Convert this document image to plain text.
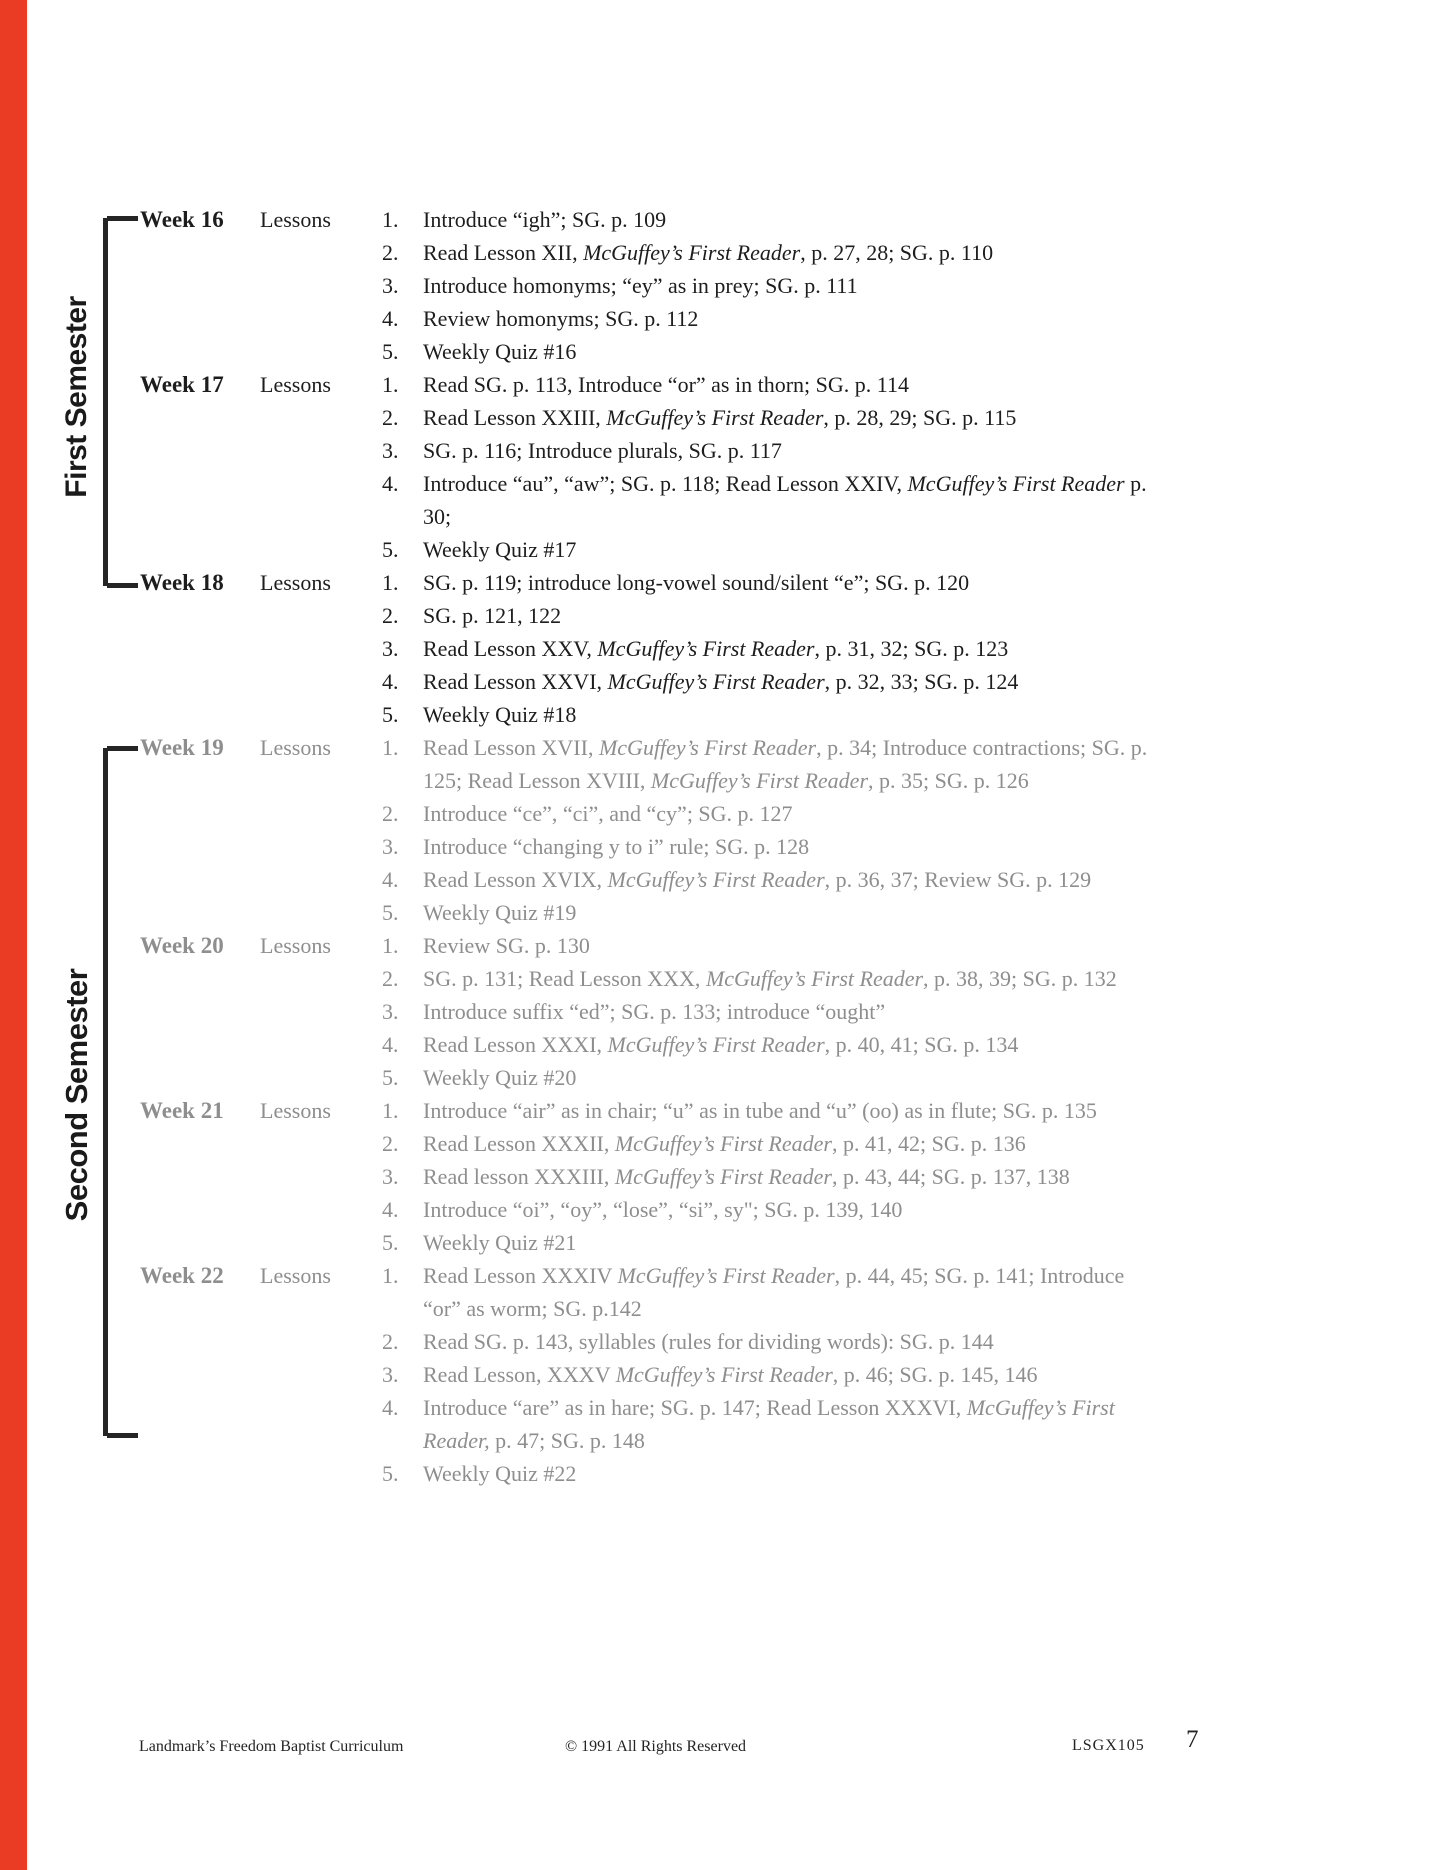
First Semester
Second Semester
Week 16	Lessons	1.	Introduce “igh”; SG. p. 109
2.	Read Lesson XII, McGuffey’s First Reader, p. 27, 28; SG. p. 110
3.	Introduce homonyms; “ey” as in prey; SG. p. 111
4.	Review homonyms; SG. p. 112
5.	Weekly Quiz #16
Week 17	Lessons	1.	Read SG. p. 113, Introduce “or” as in thorn; SG. p. 114
2.	Read Lesson XXIII, McGuffey’s First Reader, p. 28, 29; SG. p. 115
3.	SG. p. 116; Introduce plurals, SG. p. 117
4.	Introduce “au”, “aw”; SG. p. 118; Read Lesson XXIV, McGuffey’s First Reader p. 30;
5.	Weekly Quiz #17
Week 18	Lessons	1.	SG. p. 119; introduce long-vowel sound/silent “e”; SG. p. 120
2.	SG. p. 121, 122
3.	Read Lesson XXV, McGuffey’s First Reader, p. 31, 32; SG. p. 123
4.	Read Lesson XXVI, McGuffey’s First Reader, p. 32, 33; SG. p. 124
5.	Weekly Quiz #18
Week 19	Lessons	1.	Read Lesson XVII, McGuffey’s First Reader, p. 34; Introduce contractions; SG. p. 125; Read Lesson XVIII, McGuffey’s First Reader, p. 35; SG. p. 126
2.	Introduce “ce”, “ci”, and “cy”; SG. p. 127
3.	Introduce “changing y to i” rule; SG. p. 128
4.	Read Lesson XVIX, McGuffey’s First Reader, p. 36, 37; Review SG. p. 129
5.	Weekly Quiz #19
Week 20	Lessons	1.	Review SG. p. 130
2.	SG. p. 131; Read Lesson XXX, McGuffey’s First Reader, p. 38, 39; SG. p. 132
3.	Introduce suffix “ed”; SG. p. 133; introduce “ought”
4.	Read Lesson XXXI, McGuffey’s First Reader, p. 40, 41; SG. p. 134
5.	Weekly Quiz #20
Week 21	Lessons	1.	Introduce “air” as in chair; “u” as in tube and “u” (oo) as in flute; SG. p. 135
2.	Read Lesson XXXII, McGuffey’s First Reader, p. 41, 42; SG. p. 136
3.	Read lesson XXXIII, McGuffey’s First Reader, p. 43, 44; SG. p. 137, 138
4.	Introduce “oi”, “oy”, “lose”, “si”, sy"; SG. p. 139, 140
5.	Weekly Quiz #21
Week 22	Lessons	1.	Read Lesson XXXIV McGuffey’s First Reader, p. 44, 45; SG. p. 141; Introduce “or” as worm; SG. p.142
2.	Read SG. p. 143, syllables (rules for dividing words): SG. p. 144
3.	Read Lesson, XXXV McGuffey’s First Reader, p. 46; SG. p. 145, 146
4.	Introduce “are” as in hare; SG. p. 147; Read Lesson XXXVI, McGuffey’s First Reader, p. 47; SG. p. 148
5.	Weekly Quiz #22
Landmark’s Freedom Baptist Curriculum	© 1991 All Rights Reserved	LSGX105 7
